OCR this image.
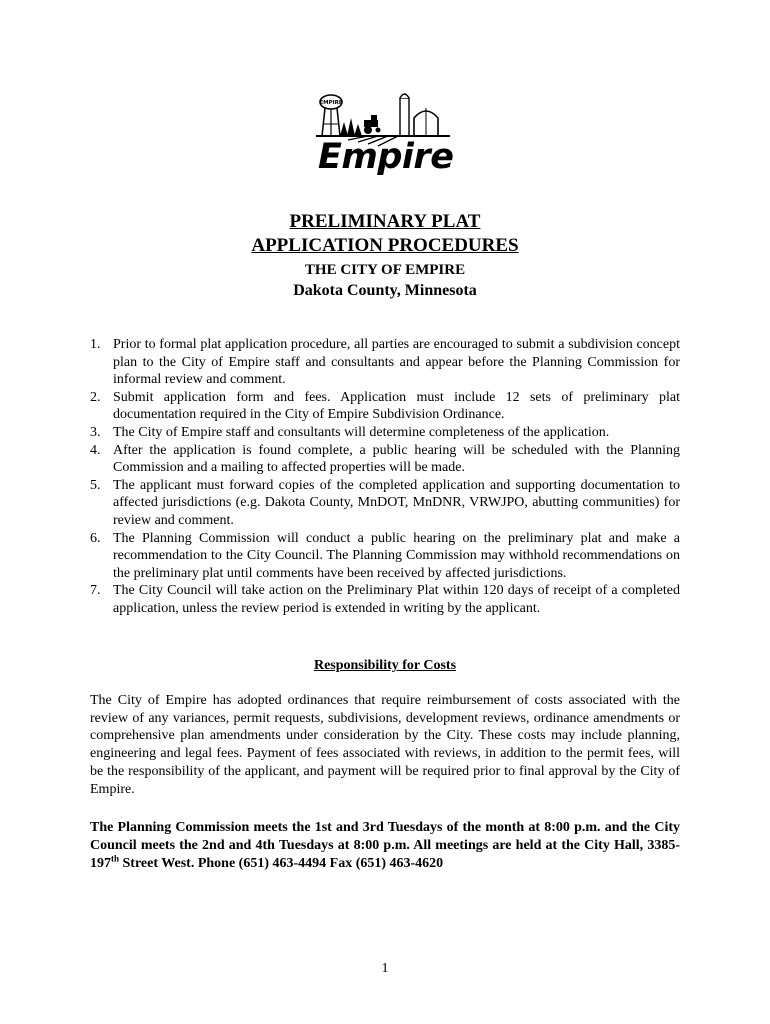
EMPIRE
Empire
PRELIMINARY PLAT
APPLICATION PROCEDURES
THE CITY OF EMPIRE
Dakota County, Minnesota
1. Prior to formal plat application procedure, all parties are encouraged to submit a subdivision concept plan to the City of Empire staff and consultants and appear before the Planning Commission for informal review and comment.
2. Submit application form and fees. Application must include 12 sets of preliminary plat documentation required in the City of Empire Subdivision Ordinance.
3. The City of Empire staff and consultants will determine completeness of the application.
4. After the application is found complete, a public hearing will be scheduled with the Planning Commission and a mailing to affected properties will be made.
5. The applicant must forward copies of the completed application and supporting documentation to affected jurisdictions (e.g. Dakota County, MnDOT, MnDNR, VRWJPO, abutting communities) for review and comment.
6. The Planning Commission will conduct a public hearing on the preliminary plat and make a recommendation to the City Council. The Planning Commission may withhold recommendations on the preliminary plat until comments have been received by affected jurisdictions.
7. The City Council will take action on the Preliminary Plat within 120 days of receipt of a completed application, unless the review period is extended in writing by the applicant.
Responsibility for Costs

The City of Empire has adopted ordinances that require reimbursement of costs associated with the review of any variances, permit requests, subdivisions, development reviews, ordinance amendments or comprehensive plan amendments under consideration by the City. These costs may include planning, engineering and legal fees. Payment of fees associated with reviews, in addition to the permit fees, will be the responsibility of the applicant, and payment will be required prior to final approval by the City of Empire.

The Planning Commission meets the 1st and 3rd Tuesdays of the month at 8:00 p.m. and the City Council meets the 2nd and 4th Tuesdays at 8:00 p.m. All meetings are held at the City Hall, 3385-197th Street West. Phone (651) 463-4494 Fax (651) 463-4620

1
